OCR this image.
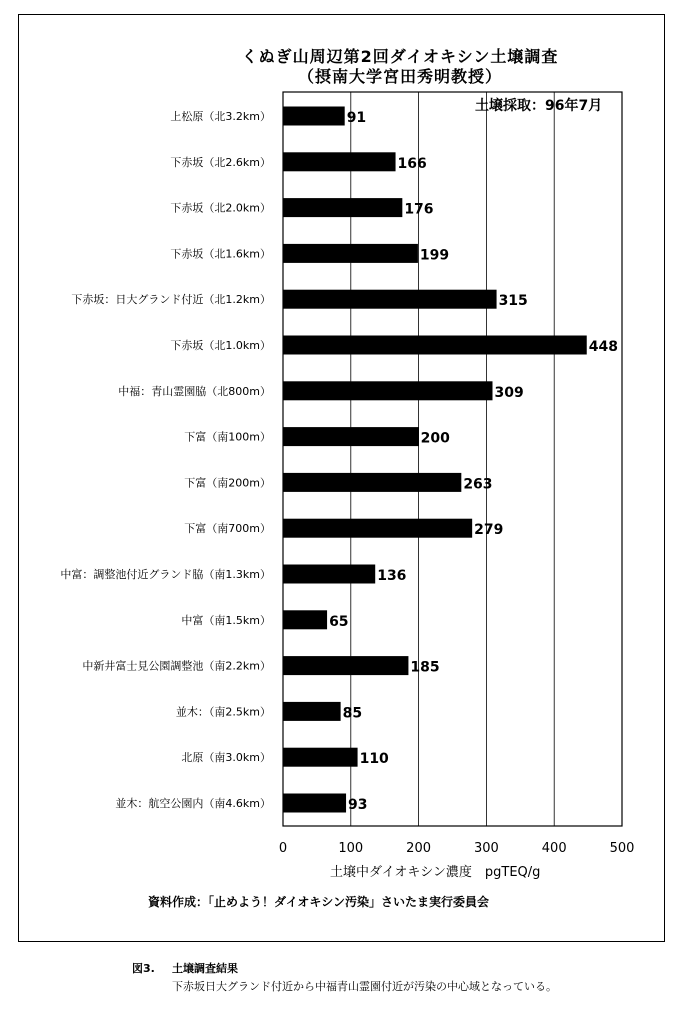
くぬぎ山周辺第2回ダイオキシン土壌調査
（摂南大学宮田秀明教授）
土壌採取：96年7月
0	100	200	300	400	500
上松原（北3.2km）	91
下赤坂（北2.6km）	166
下赤坂（北2.0km）	176
下赤坂（北1.6km）	199
下赤坂：日大グランド付近（北1.2km）	315
下赤坂（北1.0km）	448
中福：青山霊園脇（北800m）	309
下富（南100m）	200
下富（南200m）	263
下富（南700m）	279
中富：調整池付近グランド脇（南1.3km）	136
中富（南1.5km）	65
中新井富士見公園調整池（南2.2km）	185
並木：（南2.5km）	85
北原（南3.0km）	110
並木：航空公園内（南4.6km）	93
土壌中ダイオキシン濃度　pgTEQ/g
資料作成：「止めよう！ダイオキシン汚染」さいたま実行委員会
図3. 土壌調査結果
下赤坂日大グランド付近から中福青山霊園付近が汚染の中心域となっている。
